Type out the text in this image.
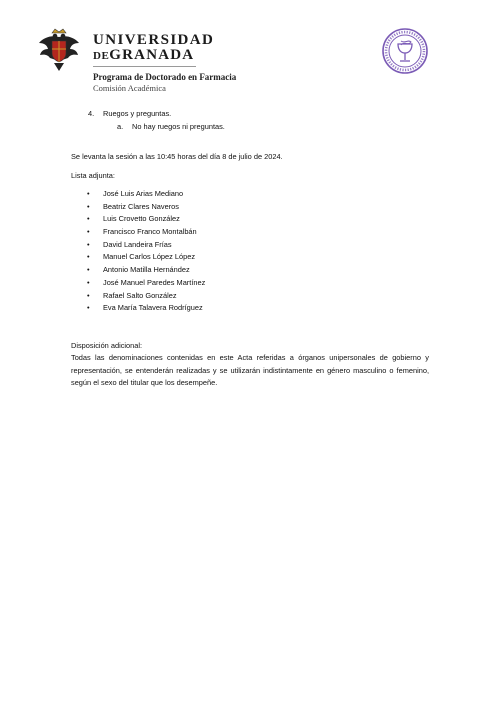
UNIVERSIDAD
DEGRANADA
Programa de Doctorado en Farmacia
Comisión Académica
4. Ruegos y preguntas.
a. No hay ruegos ni preguntas.
Se levanta la sesión a las 10:45 horas del día 8 de julio de 2024.
Lista adjunta:
•	José Luis Arias Mediano
•	Beatriz Clares Naveros
•	Luis Crovetto González
•	Francisco Franco Montalbán
•	David Landeira Frías
•	Manuel Carlos López López
•	Antonio Matilla Hernández
•	José Manuel Paredes Martínez
•	Rafael Salto González
•	Eva María Talavera Rodríguez
Disposición adicional:
Todas las denominaciones contenidas en este Acta referidas a órganos unipersonales de gobierno y representación, se entenderán realizadas y se utilizarán indistintamente en género masculino o femenino, según el sexo del titular que los desempeñe.
